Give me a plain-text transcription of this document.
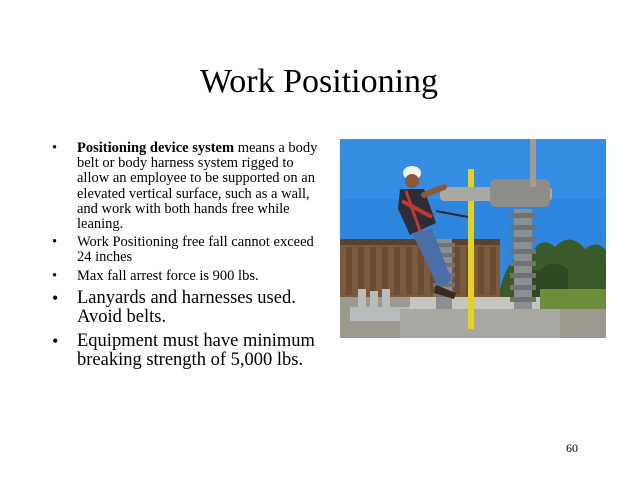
Work Positioning
• Positioning device system means a body belt or body harness system rigged to allow an employee to be supported on an elevated vertical surface, such as a wall, and work with both hands free while leaning.
• Work Positioning free fall cannot exceed 24 inches
• Max fall arrest force is 900 lbs.
• Lanyards and harnesses used. Avoid belts.
• Equipment must have minimum breaking strength of 5,000 lbs.
60
